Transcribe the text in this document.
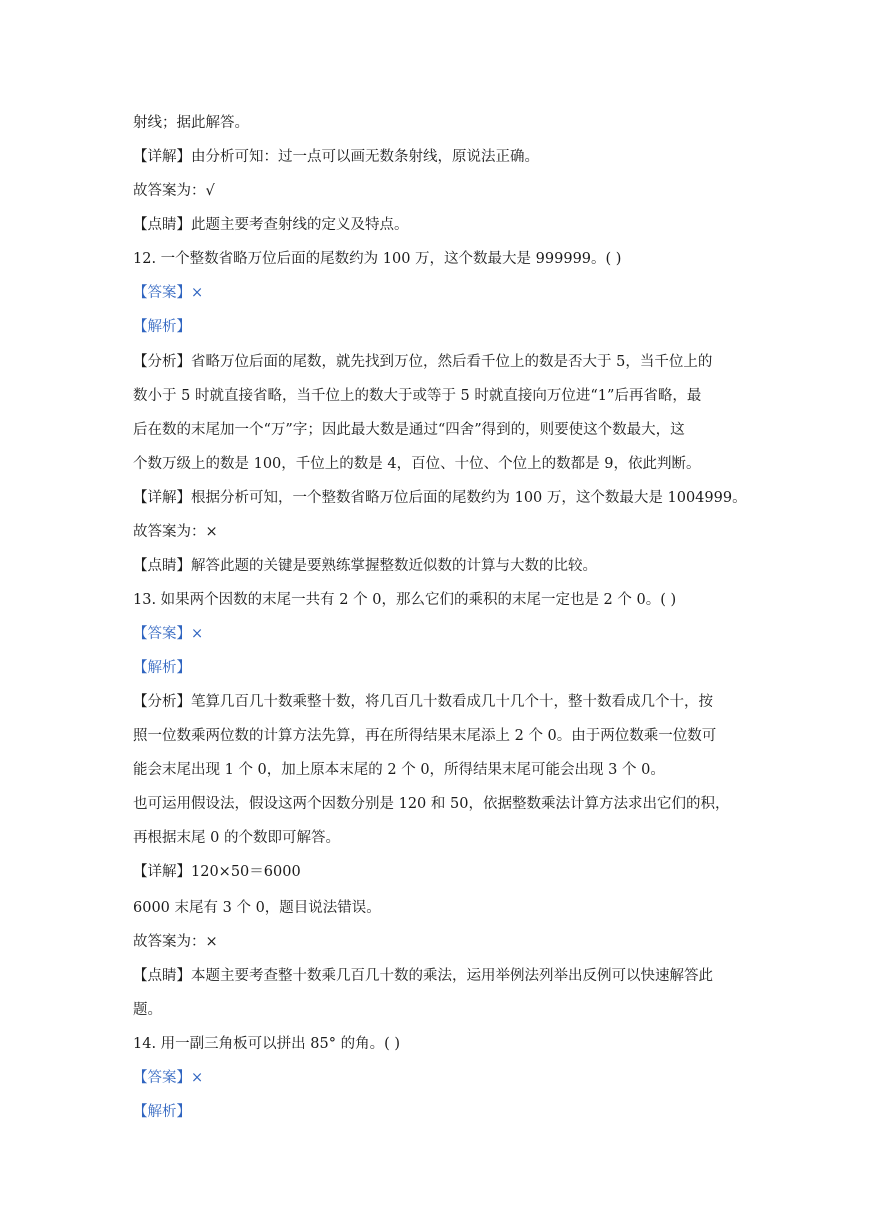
射线；据此解答。
【详解】由分析可知：过一点可以画无数条射线，原说法正确。
故答案为：√
【点睛】此题主要考查射线的定义及特点。
12. 一个整数省略万位后面的尾数约为 100 万，这个数最大是 999999。( )
【答案】×
【解析】
【分析】省略万位后面的尾数，就先找到万位，然后看千位上的数是否大于 5，当千位上的
数小于 5 时就直接省略，当千位上的数大于或等于 5 时就直接向万位进“1”后再省略，最
后在数的末尾加一个“万”字；因此最大数是通过“四舍”得到的，则要使这个数最大，这
个数万级上的数是 100，千位上的数是 4，百位、十位、个位上的数都是 9，依此判断。
【详解】根据分析可知，一个整数省略万位后面的尾数约为 100 万，这个数最大是 1004999。
故答案为：×
【点睛】解答此题的关键是要熟练掌握整数近似数的计算与大数的比较。
13. 如果两个因数的末尾一共有 2 个 0，那么它们的乘积的末尾一定也是 2 个 0。( )
【答案】×
【解析】
【分析】笔算几百几十数乘整十数，将几百几十数看成几十几个十，整十数看成几个十，按
照一位数乘两位数的计算方法先算，再在所得结果末尾添上 2 个 0。由于两位数乘一位数可
能会末尾出现 1 个 0，加上原本末尾的 2 个 0，所得结果末尾可能会出现 3 个 0。
也可运用假设法，假设这两个因数分别是 120 和 50，依据整数乘法计算方法求出它们的积，
再根据末尾 0 的个数即可解答。
【详解】120×50＝6000
6000 末尾有 3 个 0，题目说法错误。
故答案为：×
【点睛】本题主要考查整十数乘几百几十数的乘法，运用举例法列举出反例可以快速解答此
题。
14. 用一副三角板可以拼出 85° 的角。( )
【答案】×
【解析】
